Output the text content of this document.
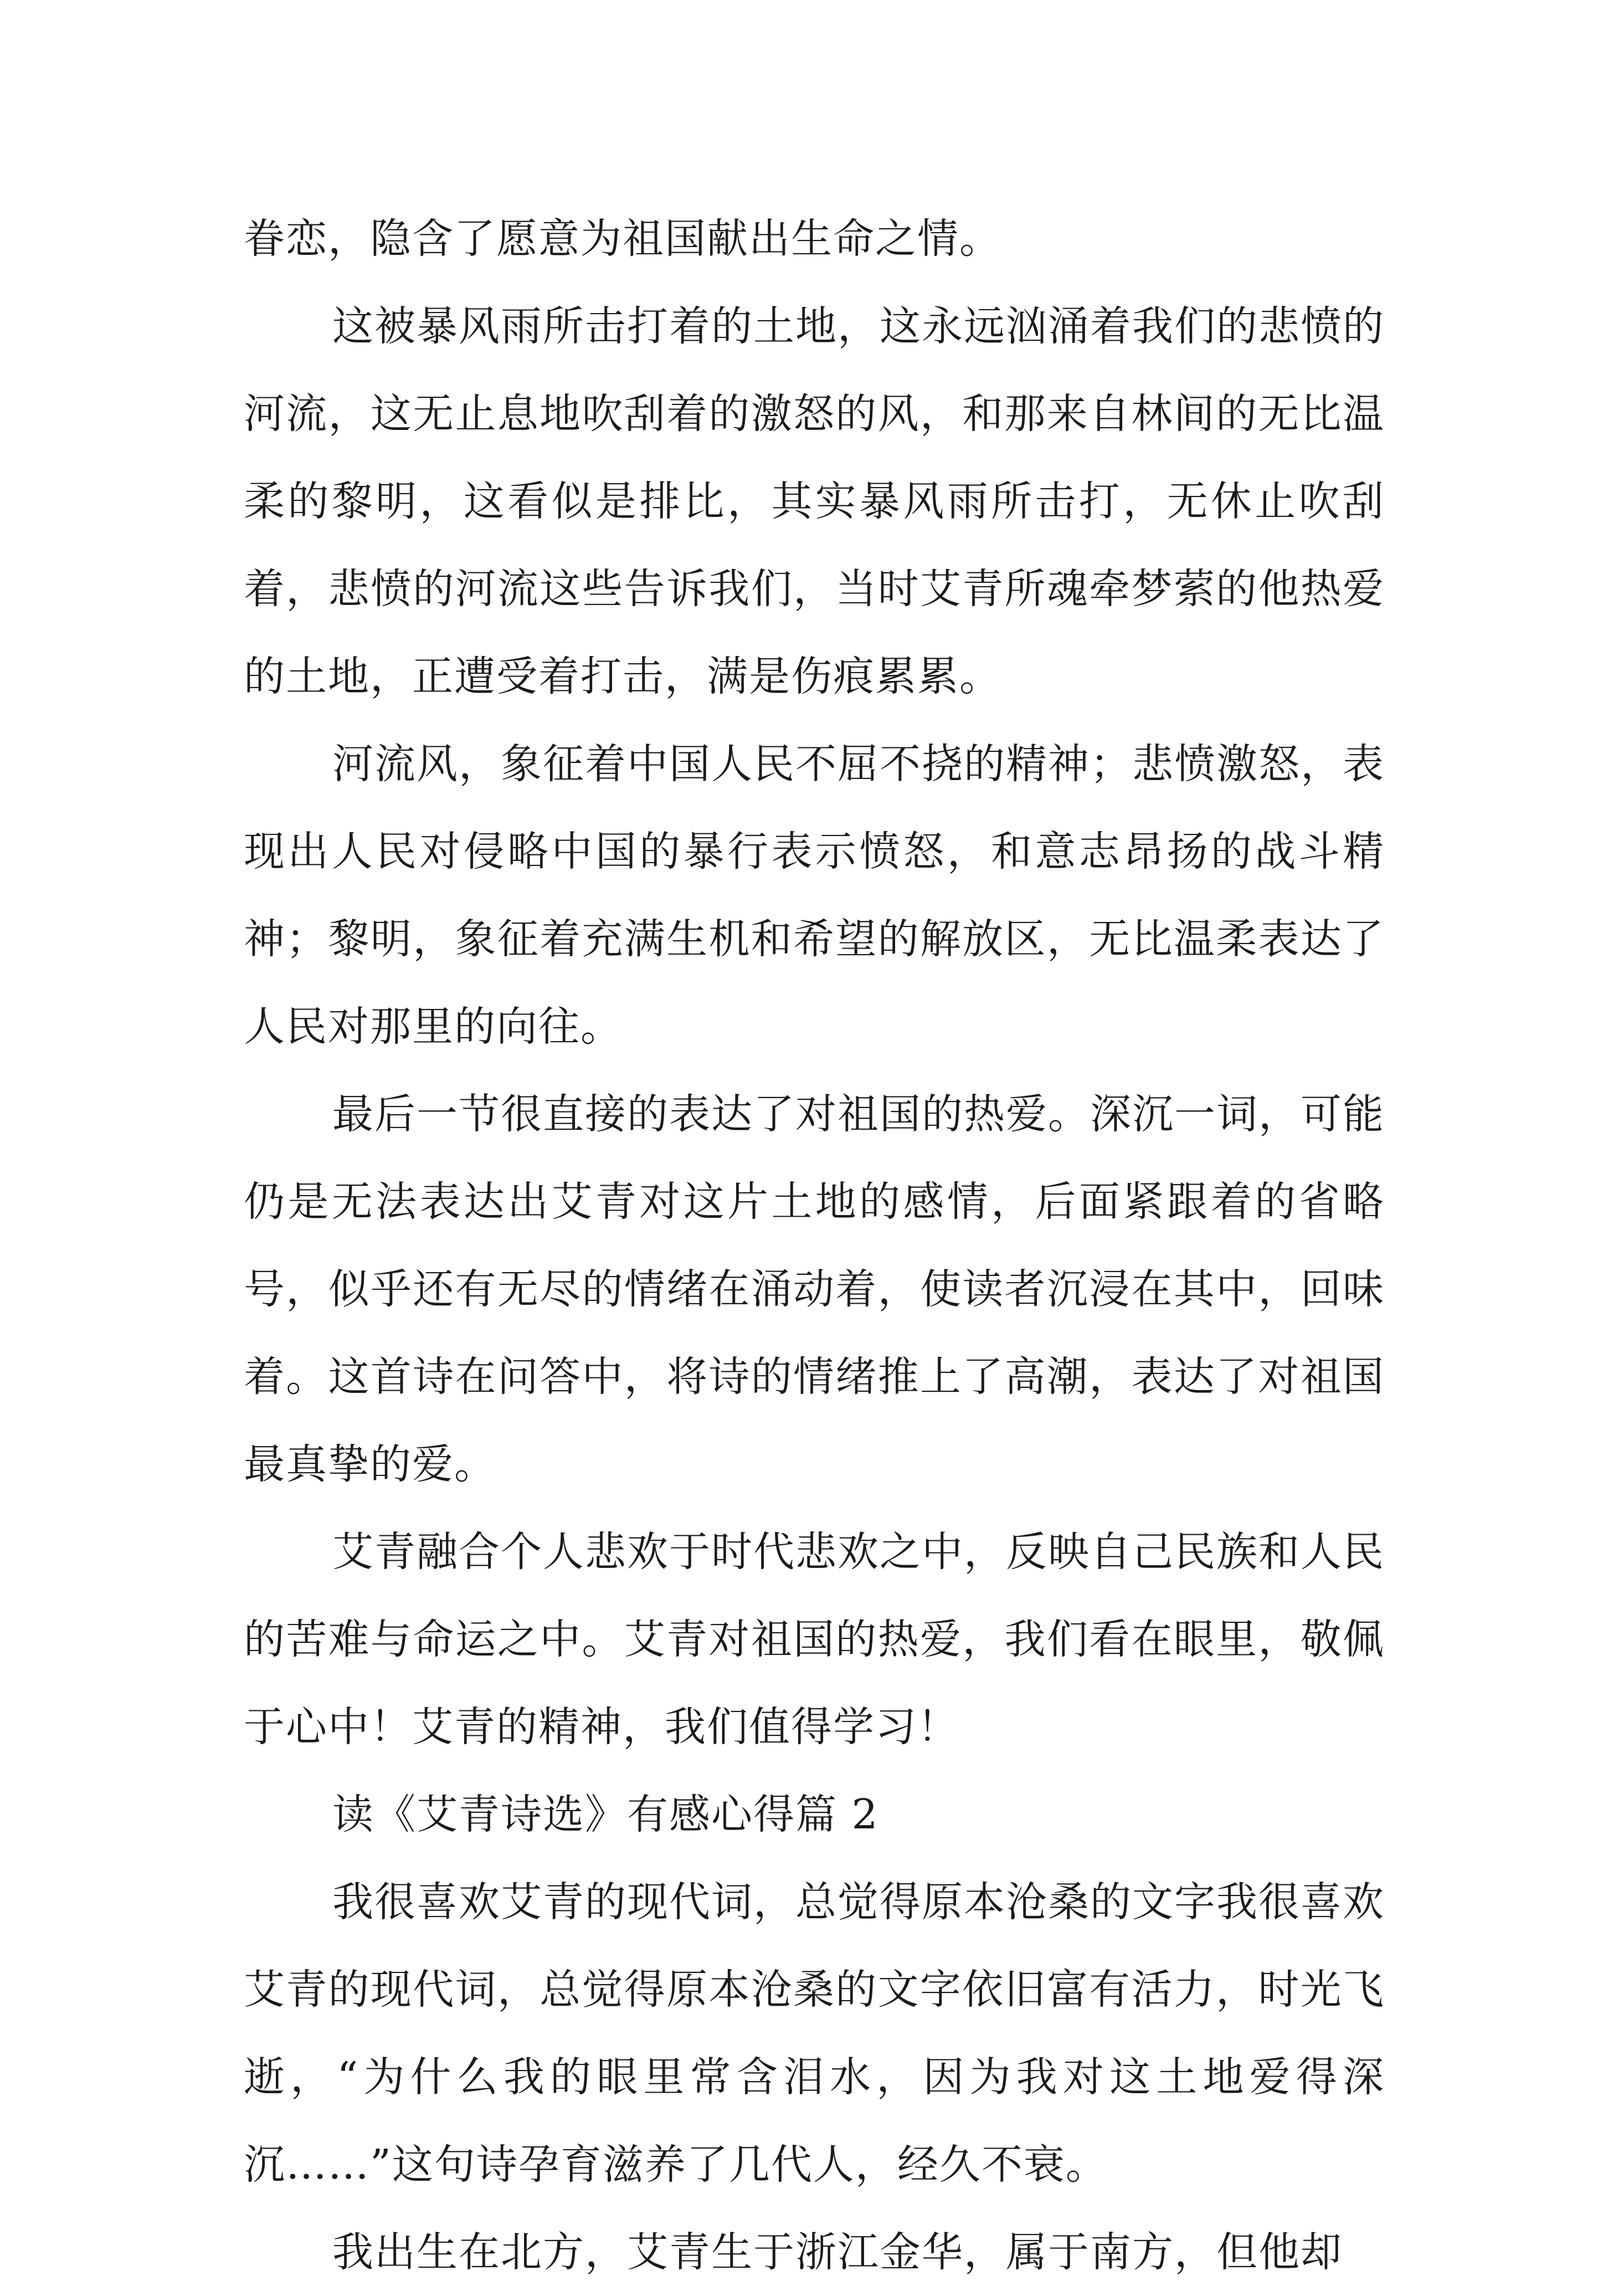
眷恋，隐含了愿意为祖国献出生命之情。

这被暴风雨所击打着的土地，这永远汹涌着我们的悲愤的河流，这无止息地吹刮着的激怒的风，和那来自林间的无比温柔的黎明，这看似是排比，其实暴风雨所击打，无休止吹刮着，悲愤的河流这些告诉我们，当时艾青所魂牵梦萦的他热爱的土地，正遭受着打击，满是伤痕累累。

河流风，象征着中国人民不屈不挠的精神；悲愤激怒，表现出人民对侵略中国的暴行表示愤怒，和意志昂扬的战斗精神；黎明，象征着充满生机和希望的解放区，无比温柔表达了人民对那里的向往。

最后一节很直接的表达了对祖国的热爱。深沉一词，可能仍是无法表达出艾青对这片土地的感情，后面紧跟着的省略号，似乎还有无尽的情绪在涌动着，使读者沉浸在其中，回味着。这首诗在问答中，将诗的情绪推上了高潮，表达了对祖国最真挚的爱。

艾青融合个人悲欢于时代悲欢之中，反映自己民族和人民的苦难与命运之中。艾青对祖国的热爱，我们看在眼里，敬佩于心中！艾青的精神，我们值得学习！

读《艾青诗选》有感心得篇 2

我很喜欢艾青的现代词，总觉得原本沧桑的文字我很喜欢艾青的现代词，总觉得原本沧桑的文字依旧富有活力，时光飞逝，“为什么我的眼里常含泪水，因为我对这土地爱得深沉……”这句诗孕育滋养了几代人，经久不衰。

我出生在北方，艾青生于浙江金华，属于南方，但他却
